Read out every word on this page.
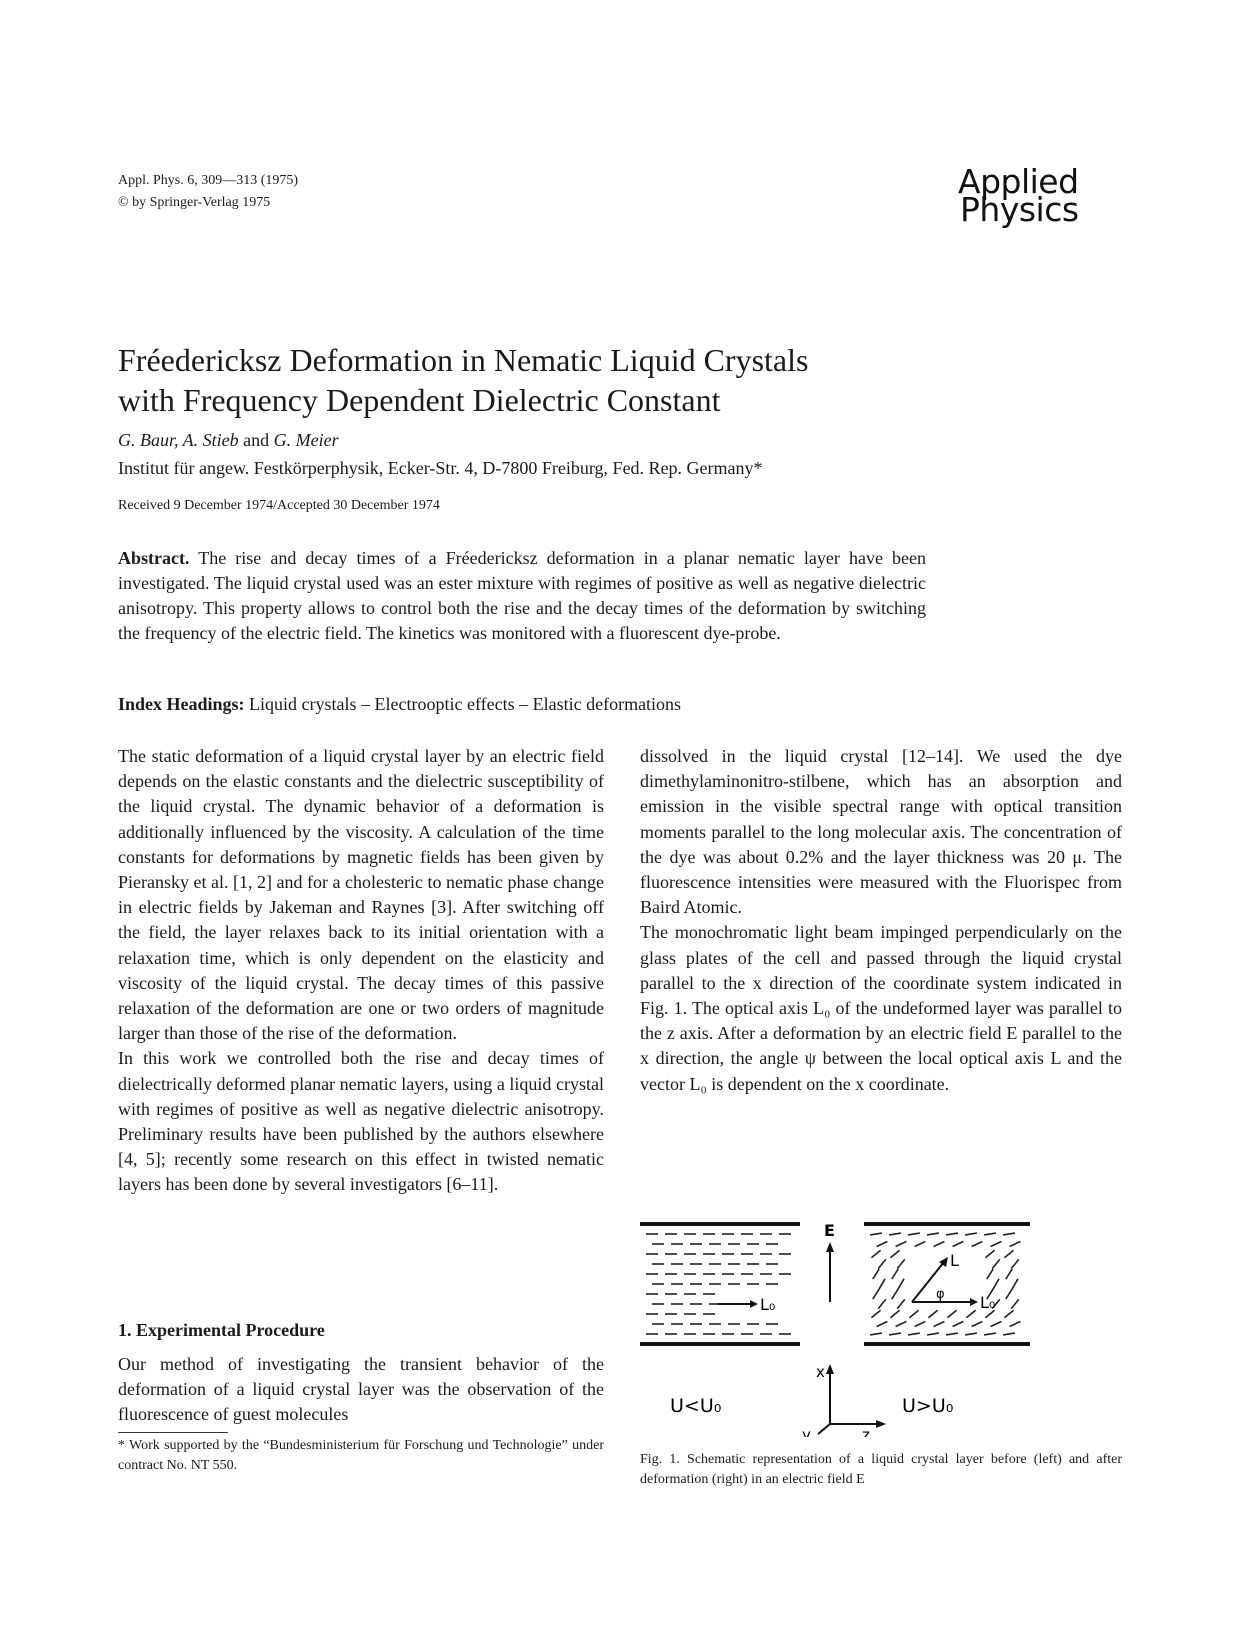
Appl. Phys. 6, 309—313 (1975)
© by Springer-Verlag 1975
Applied
Physics
Fréedericksz Deformation in Nematic Liquid Crystals
with Frequency Dependent Dielectric Constant
G. Baur, A. Stieb and G. Meier
Institut für angew. Festkörperphysik, Ecker-Str. 4, D-7800 Freiburg, Fed. Rep. Germany*
Received 9 December 1974/Accepted 30 December 1974

Abstract. The rise and decay times of a Fréedericksz deformation in a planar nematic layer have been investigated. The liquid crystal used was an ester mixture with regimes of positive as well as negative dielectric anisotropy. This property allows to control both the rise and the decay times of the deformation by switching the frequency of the electric field. The kinetics was monitored with a fluorescent dye-probe.

Index Headings: Liquid crystals – Electrooptic effects – Elastic deformations

The static deformation of a liquid crystal layer by an electric field depends on the elastic constants and the dielectric susceptibility of the liquid crystal. The dynamic behavior of a deformation is additionally influenced by the viscosity. A calculation of the time constants for deformations by magnetic fields has been given by Pieransky et al. [1, 2] and for a cholesteric to nematic phase change in electric fields by Jakeman and Raynes [3]. After switching off the field, the layer relaxes back to its initial orientation with a relaxation time, which is only dependent on the elasticity and viscosity of the liquid crystal. The decay times of this passive relaxation of the deformation are one or two orders of magnitude larger than those of the rise of the deformation.

In this work we controlled both the rise and decay times of dielectrically deformed planar nematic layers, using a liquid crystal with regimes of positive as well as negative dielectric anisotropy. Preliminary results have been published by the authors elsewhere [4, 5]; recently some research on this effect in twisted nematic layers has been done by several investigators [6–11].

1. Experimental Procedure
Our method of investigating the transient behavior of the deformation of a liquid crystal layer was the observation of the fluorescence of guest molecules
* Work supported by the “Bundesministerium für Forschung und Technologie” under contract No. NT 550.

dissolved in the liquid crystal [12–14]. We used the dye dimethylaminonitro-stilbene, which has an absorption and emission in the visible spectral range with optical transition moments parallel to the long molecular axis. The concentration of the dye was about 0.2% and the layer thickness was 20 μ. The fluorescence intensities were measured with the Fluorispec from Baird Atomic.

The monochromatic light beam impinged perpendicularly on the glass plates of the cell and passed through the liquid crystal parallel to the x direction of the coordinate system indicated in Fig. 1. The optical axis L₀ of the undeformed layer was parallel to the z axis. After a deformation by an electric field E parallel to the x direction, the angle ψ between the local optical axis L and the vector L₀ is dependent on the x coordinate.

L₀
E
L
φ L₀
x
z
y
U<U₀	U>U₀
Fig. 1. Schematic representation of a liquid crystal layer before (left) and after deformation (right) in an electric field E
